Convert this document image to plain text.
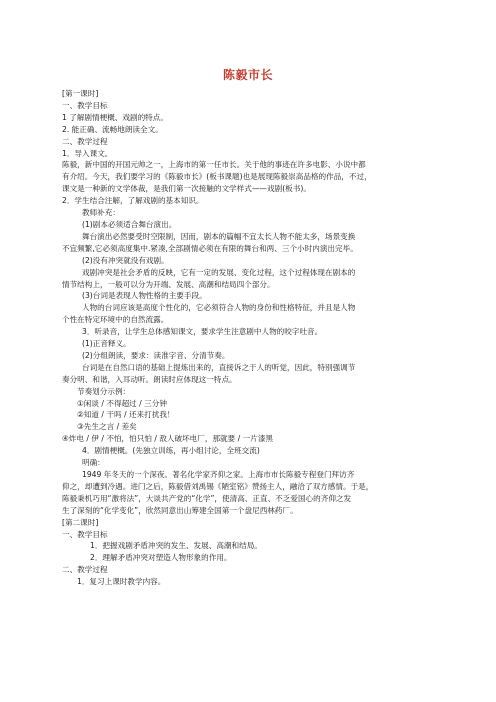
陈毅市长

[第一课时]

一、教学目标

1 了解剧情梗概、戏剧的特点。

2. 能正确、流畅地朗读全文。

二、教学过程

1．导入课文。

陈毅，新中国的开国元帅之一，上海市的第一任市长。关于他的事迹在许多电影、小说中都

有介绍。今天，我们要学习的《陈毅市长》(板书课题)也是展现陈毅崇高品格的作品，不过，

课文是一种新的文学体裁，是我们第一次接触的文学样式——戏剧(板书)。

2．学生结合注解，了解戏剧的基本知识。

教师补充：

(1)剧本必须适合舞台演出。

舞台演出必然要受时空限制，因而，剧本的篇幅不宜太长人物不能太多，场景变换

不宜频繁,它必须高度集中.紧凑,全部剧情必须在有限的舞台和两、三个小时内演出完毕。

(2)没有冲突就没有戏剧。

戏剧冲突是社会矛盾的反映，它有一定的发展、变化过程，这个过程体现在剧本的

情节结构上，一般可以分为开端、发展、高潮和结局四个部分。

(3)台词是表现人物性格的主要手段。

人物的台词应该是高度个性化的，它必须符合人物的身份和性格特征，并且是人物

个性在特定环境中的自然流露。

3．听录音，让学生总体感知课文，要求学生注意剧中人物的咬字吐音。

(1)正音释义。

(2)分组朗读，要求：读准字音、分清节奏。

台词是在自然口语的基础上提炼出来的，直接诉之于人的听觉，因此，特别强调节

奏分明、和谐，入耳动听。朗读时应体现这一特点。

节奏划分示例：

①闲谈 / 不得超过 / 三分钟

②知道 / 干吗 / 还来打扰我！

③先生之言 / 差矣

④炸电 / 伊 / 不怕，怕只怕 / 敌人破坏电厂，那就要 / 一片漆黑

4．剧情梗概。(先独立训练，再小组讨论，全班交流)

明确：

1949 年冬天的一个深夜。著名化学家齐仰之家。上海市市长陈毅专程登门拜访齐

仰之，却遭到冷遇。进门之后，陈毅借刘禹锡《陋室铭》赞扬主人，融洽了双方感情。于是，

陈毅秉机巧用“激将法”，大谈共产党的“化学”，使清高、正直、不乏爱国心的齐仰之发

生了深刻的“化学变化”，欣然同意出山筹建全国第一个盘尼西林药厂。

[第二课时]

一、教学目标

1．把握戏剧矛盾冲突的发生、发展、高潮和结局。

2．理解矛盾冲突对塑造人物形象的作用。

二、教学过程

1．复习上课时教学内容。
